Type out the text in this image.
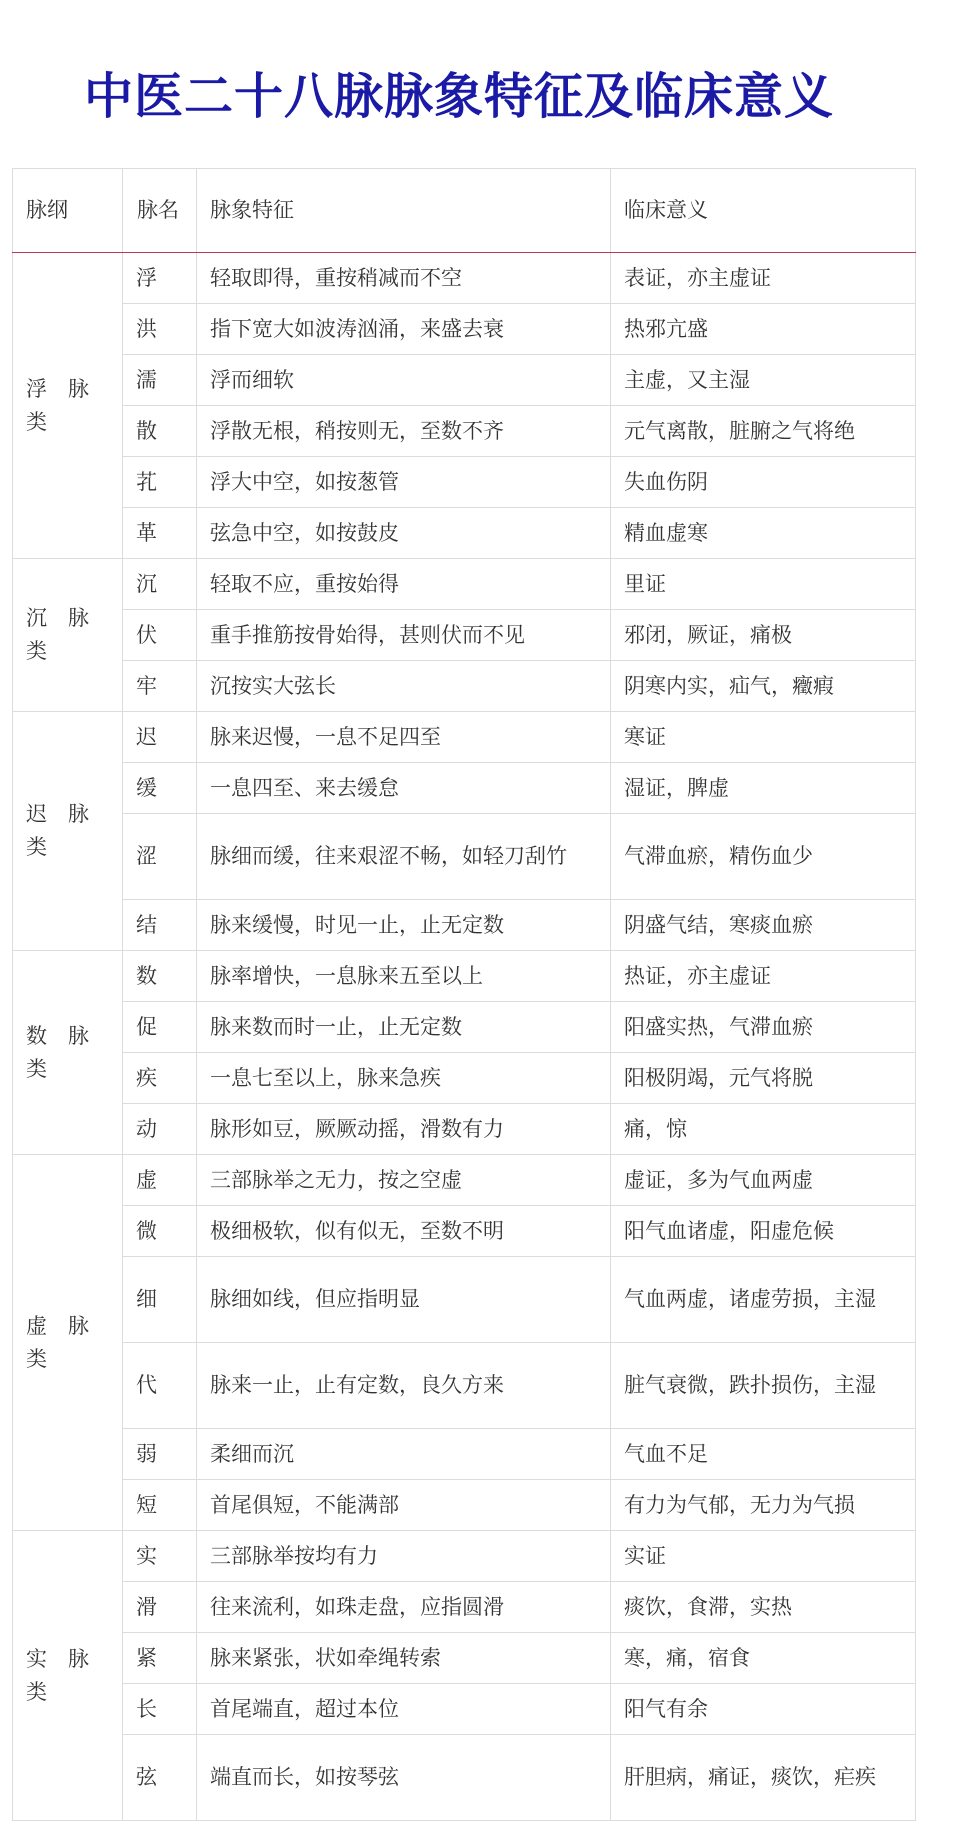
中医二十八脉脉象特征及临床意义
脉纲	脉名	脉象特征	临床意义

浮　脉
类	浮	轻取即得，重按稍减而不空	表证，亦主虚证
	洪	指下宽大如波涛汹涌，来盛去衰	热邪亢盛
	濡	浮而细软	主虚，又主湿
	散	浮散无根，稍按则无，至数不齐	元气离散，脏腑之气将绝
	芤	浮大中空，如按葱管	失血伤阴
	革	弦急中空，如按鼓皮	精血虚寒

沉　脉
类	沉	轻取不应，重按始得	里证
	伏	重手推筋按骨始得，甚则伏而不见	邪闭，厥证，痛极
	牢	沉按实大弦长	阴寒内实，疝气，癥瘕

迟　脉
类	迟	脉来迟慢，一息不足四至	寒证
	缓	一息四至、来去缓怠	湿证，脾虚
	涩	脉细而缓，往来艰涩不畅，如轻刀刮竹	气滞血瘀，精伤血少
	结	脉来缓慢，时见一止，止无定数	阴盛气结，寒痰血瘀

数　脉
类	数	脉率增快，一息脉来五至以上	热证，亦主虚证
	促	脉来数而时一止，止无定数	阳盛实热，气滞血瘀
	疾	一息七至以上，脉来急疾	阳极阴竭，元气将脱
	动	脉形如豆，厥厥动摇，滑数有力	痛，惊

虚　脉
类	虚	三部脉举之无力，按之空虚	虚证，多为气血两虚
	微	极细极软，似有似无，至数不明	阳气血诸虚，阳虚危候
	细	脉细如线，但应指明显	气血两虚，诸虚劳损，主湿
	代	脉来一止，止有定数，良久方来	脏气衰微，跌扑损伤，主湿
	弱	柔细而沉	气血不足
	短	首尾俱短，不能满部	有力为气郁，无力为气损

实　脉
类	实	三部脉举按均有力	实证
	滑	往来流利，如珠走盘，应指圆滑	痰饮，食滞，实热
	紧	脉来紧张，状如牵绳转索	寒，痛，宿食
	长	首尾端直，超过本位	阳气有余
	弦	端直而长，如按琴弦	肝胆病，痛证，痰饮，疟疾
